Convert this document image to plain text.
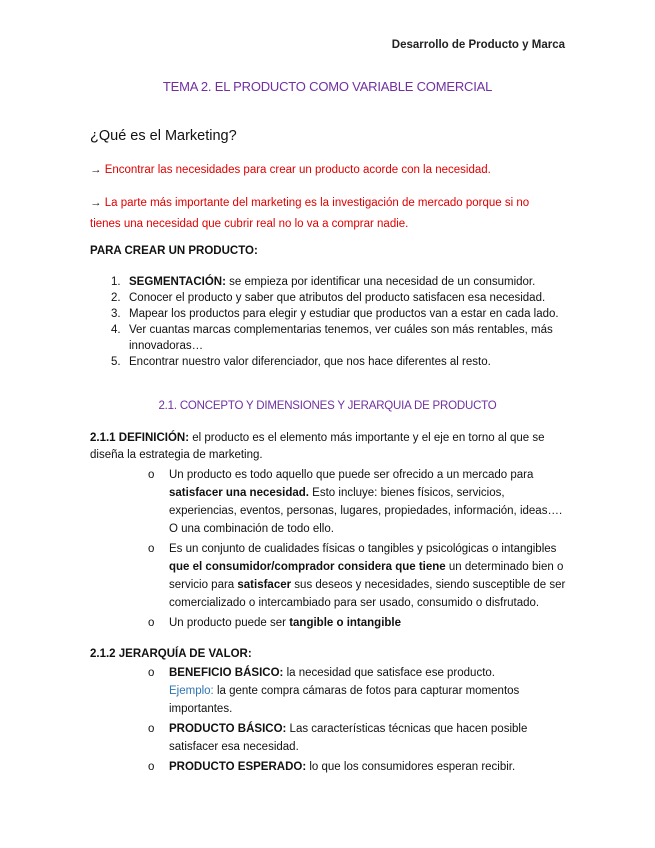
Desarrollo de Producto y Marca
TEMA 2. EL PRODUCTO COMO VARIABLE COMERCIAL
¿Qué es el Marketing?
→ Encontrar las necesidades para crear un producto acorde con la necesidad.
→ La parte más importante del marketing es la investigación de mercado porque si no tienes una necesidad que cubrir real no lo va a comprar nadie.
PARA CREAR UN PRODUCTO:
1. SEGMENTACIÓN: se empieza por identificar una necesidad de un consumidor.
2. Conocer el producto y saber que atributos del producto satisfacen esa necesidad.
3. Mapear los productos para elegir y estudiar que productos van a estar en cada lado.
4. Ver cuantas marcas complementarias tenemos, ver cuáles son más rentables, más innovadoras…
5. Encontrar nuestro valor diferenciador, que nos hace diferentes al resto.
2.1. CONCEPTO Y DIMENSIONES Y JERARQUIA DE PRODUCTO
2.1.1 DEFINICIÓN: el producto es el elemento más importante y el eje en torno al que se diseña la estrategia de marketing.
o Un producto es todo aquello que puede ser ofrecido a un mercado para satisfacer una necesidad. Esto incluye: bienes físicos, servicios, experiencias, eventos, personas, lugares, propiedades, información, ideas…. O una combinación de todo ello.
o Es un conjunto de cualidades físicas o tangibles y psicológicas o intangibles que el consumidor/comprador considera que tiene un determinado bien o servicio para satisfacer sus deseos y necesidades, siendo susceptible de ser comercializado o intercambiado para ser usado, consumido o disfrutado.
o Un producto puede ser tangible o intangible
2.1.2 JERARQUÍA DE VALOR:
o BENEFICIO BÁSICO: la necesidad que satisface ese producto.
Ejemplo: la gente compra cámaras de fotos para capturar momentos importantes.
o PRODUCTO BÁSICO: Las características técnicas que hacen posible satisfacer esa necesidad.
o PRODUCTO ESPERADO: lo que los consumidores esperan recibir.
